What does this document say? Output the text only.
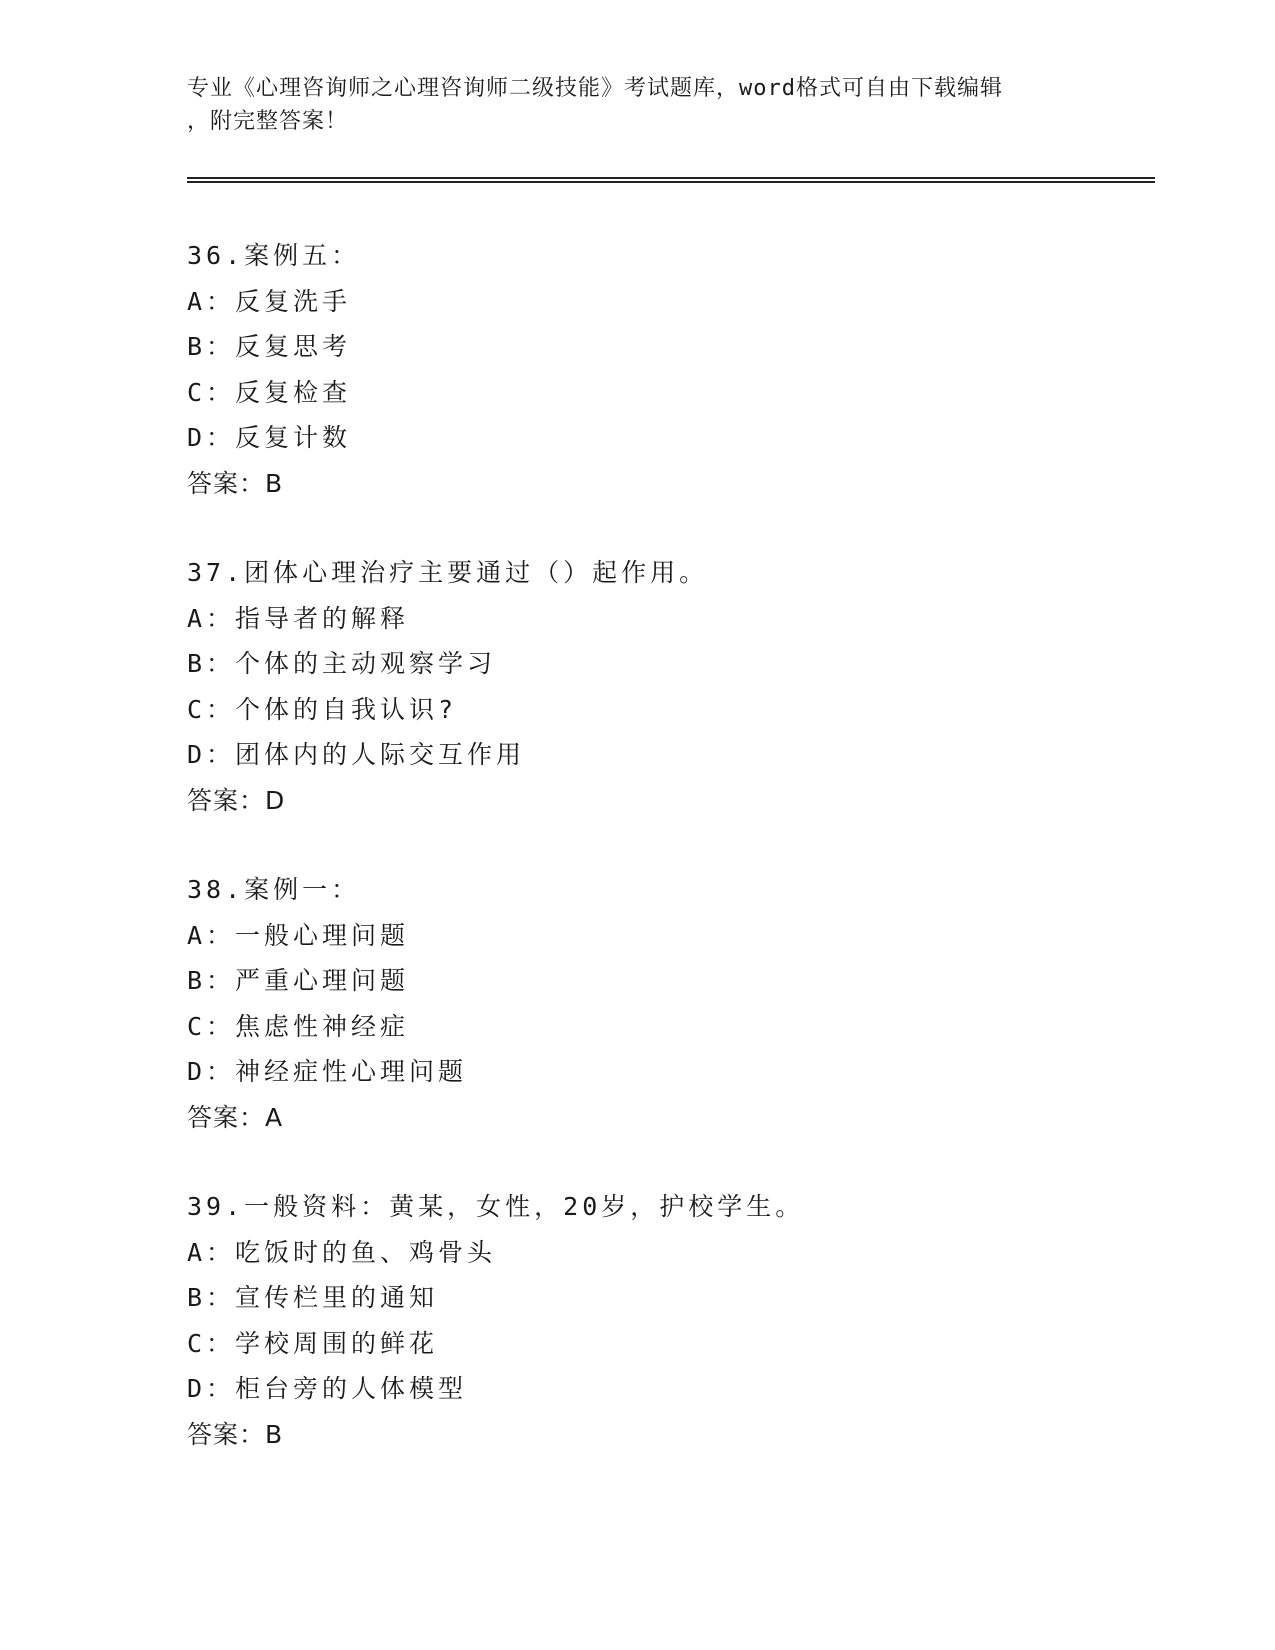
专业《心理咨询师之心理咨询师二级技能》考试题库，word格式可自由下载编辑
，附完整答案！
36.案例五：
A：反复洗手
B：反复思考
C：反复检查
D：反复计数
答案：B
37.团体心理治疗主要通过（）起作用。
A：指导者的解释
B：个体的主动观察学习
C：个体的自我认识?
D：团体内的人际交互作用
答案：D
38.案例一：
A：一般心理问题
B：严重心理问题
C：焦虑性神经症
D：神经症性心理问题
答案：A
39.一般资料：黄某，女性，20岁，护校学生。
A：吃饭时的鱼、鸡骨头
B：宣传栏里的通知
C：学校周围的鲜花
D：柜台旁的人体模型
答案：B
